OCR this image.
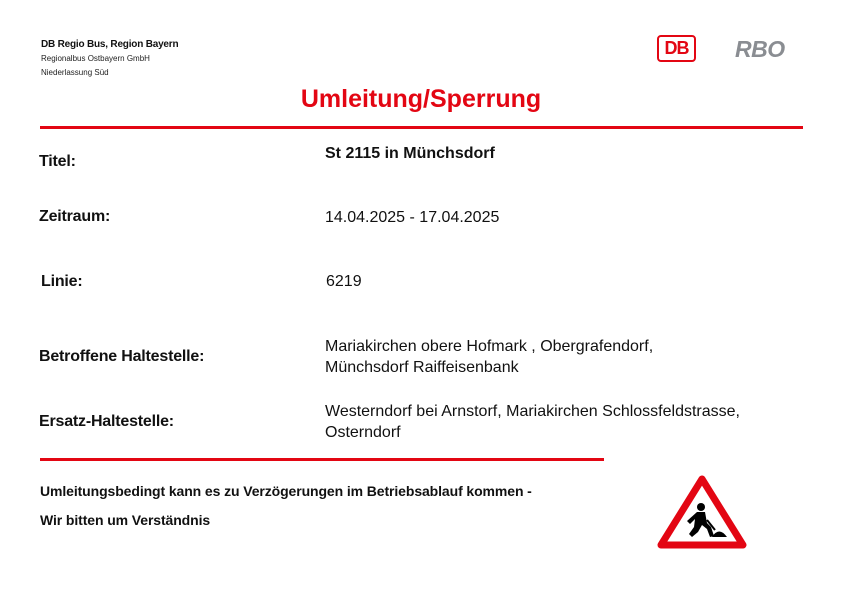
DB Regio Bus, Region Bayern
Regionalbus Ostbayern GmbH
Niederlassung Süd
DB	RBO
Umleitung/Sperrung
Titel:	St 2115 in Münchsdorf
Zeitraum:	14.04.2025 - 17.04.2025
Linie:	6219
Betroffene Haltestelle:
Mariakirchen obere Hofmark , Obergrafendorf,
Münchsdorf Raiffeisenbank
Ersatz-Haltestelle:
Westerndorf bei Arnstorf, Mariakirchen Schlossfeldstrasse,
Osterndorf
Umleitungsbedingt kann es zu Verzögerungen im Betriebsablauf kommen -
Wir bitten um Verständnis
